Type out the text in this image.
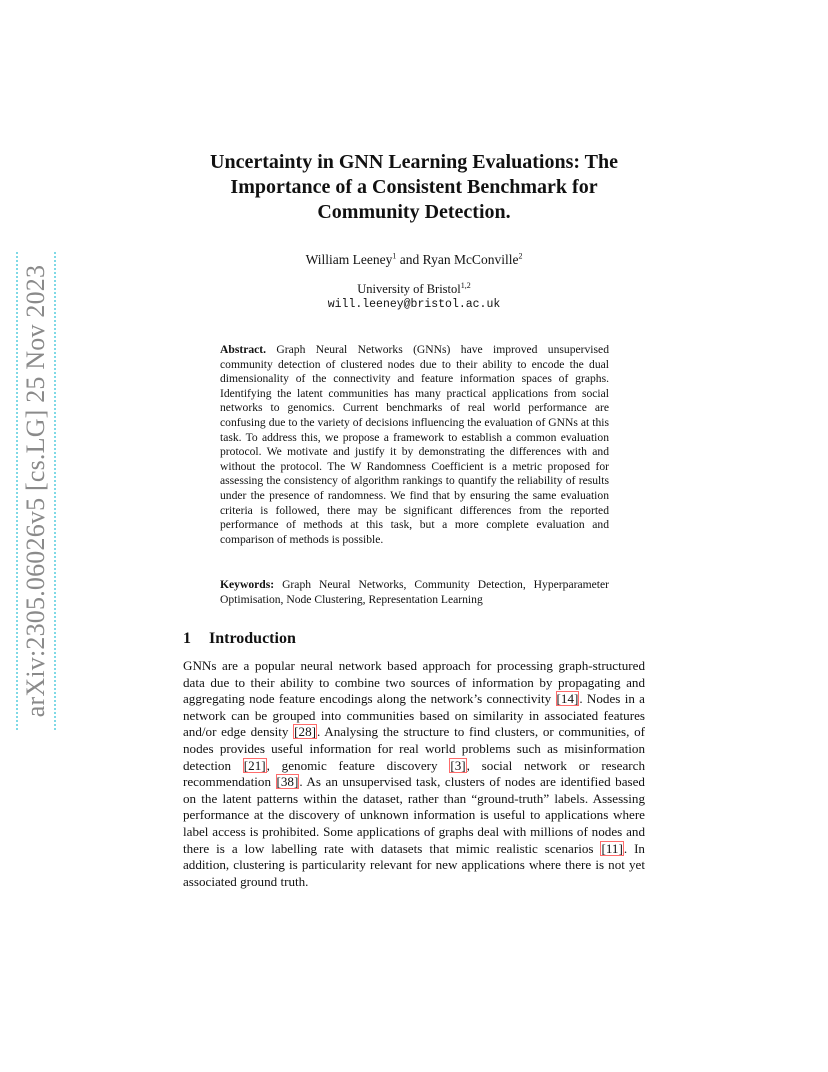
arXiv:2305.06026v5 [cs.LG] 25 Nov 2023
Uncertainty in GNN Learning Evaluations: The
Importance of a Consistent Benchmark for
Community Detection.
William Leeney$^1$ and Ryan McConville$^2$
University of Bristol$^{1,2}$
will.leeney@bristol.ac.uk
Abstract. Graph Neural Networks (GNNs) have improved unsupervised community detection of clustered nodes due to their ability to encode the dual dimensionality of the connectivity and feature information spaces of graphs. Identifying the latent communities has many practical applications from social networks to genomics. Current benchmarks of real world performance are confusing due to the variety of decisions influencing the evaluation of GNNs at this task. To address this, we propose a framework to establish a common evaluation protocol. We motivate and justify it by demonstrating the differences with and without the protocol. The W Randomness Coefficient is a metric proposed for assessing the consistency of algorithm rankings to quantify the reliability of results under the presence of randomness. We find that by ensuring the same evaluation criteria is followed, there may be significant differences from the reported performance of methods at this task, but a more complete evaluation and comparison of methods is possible.
Keywords: Graph Neural Networks, Community Detection, Hyperparameter Optimisation, Node Clustering, Representation Learning
1 Introduction
GNNs are a popular neural network based approach for processing graph-structured data due to their ability to combine two sources of information by propagating and aggregating node feature encodings along the network’s connectivity [14]. Nodes in a network can be grouped into communities based on similarity in associated features and/or edge density [28]. Analysing the structure to find clusters, or communities, of nodes provides useful information for real world problems such as misinformation detection [21], genomic feature discovery [3], social network or research recommendation [38]. As an unsupervised task, clusters of nodes are identified based on the latent patterns within the dataset, rather than “ground-truth” labels. Assessing performance at the discovery of unknown information is useful to applications where label access is prohibited. Some applications of graphs deal with millions of nodes and there is a low labelling rate with datasets that mimic realistic scenarios [11]. In addition, clustering is particularity relevant for new applications where there is not yet associated ground truth.
